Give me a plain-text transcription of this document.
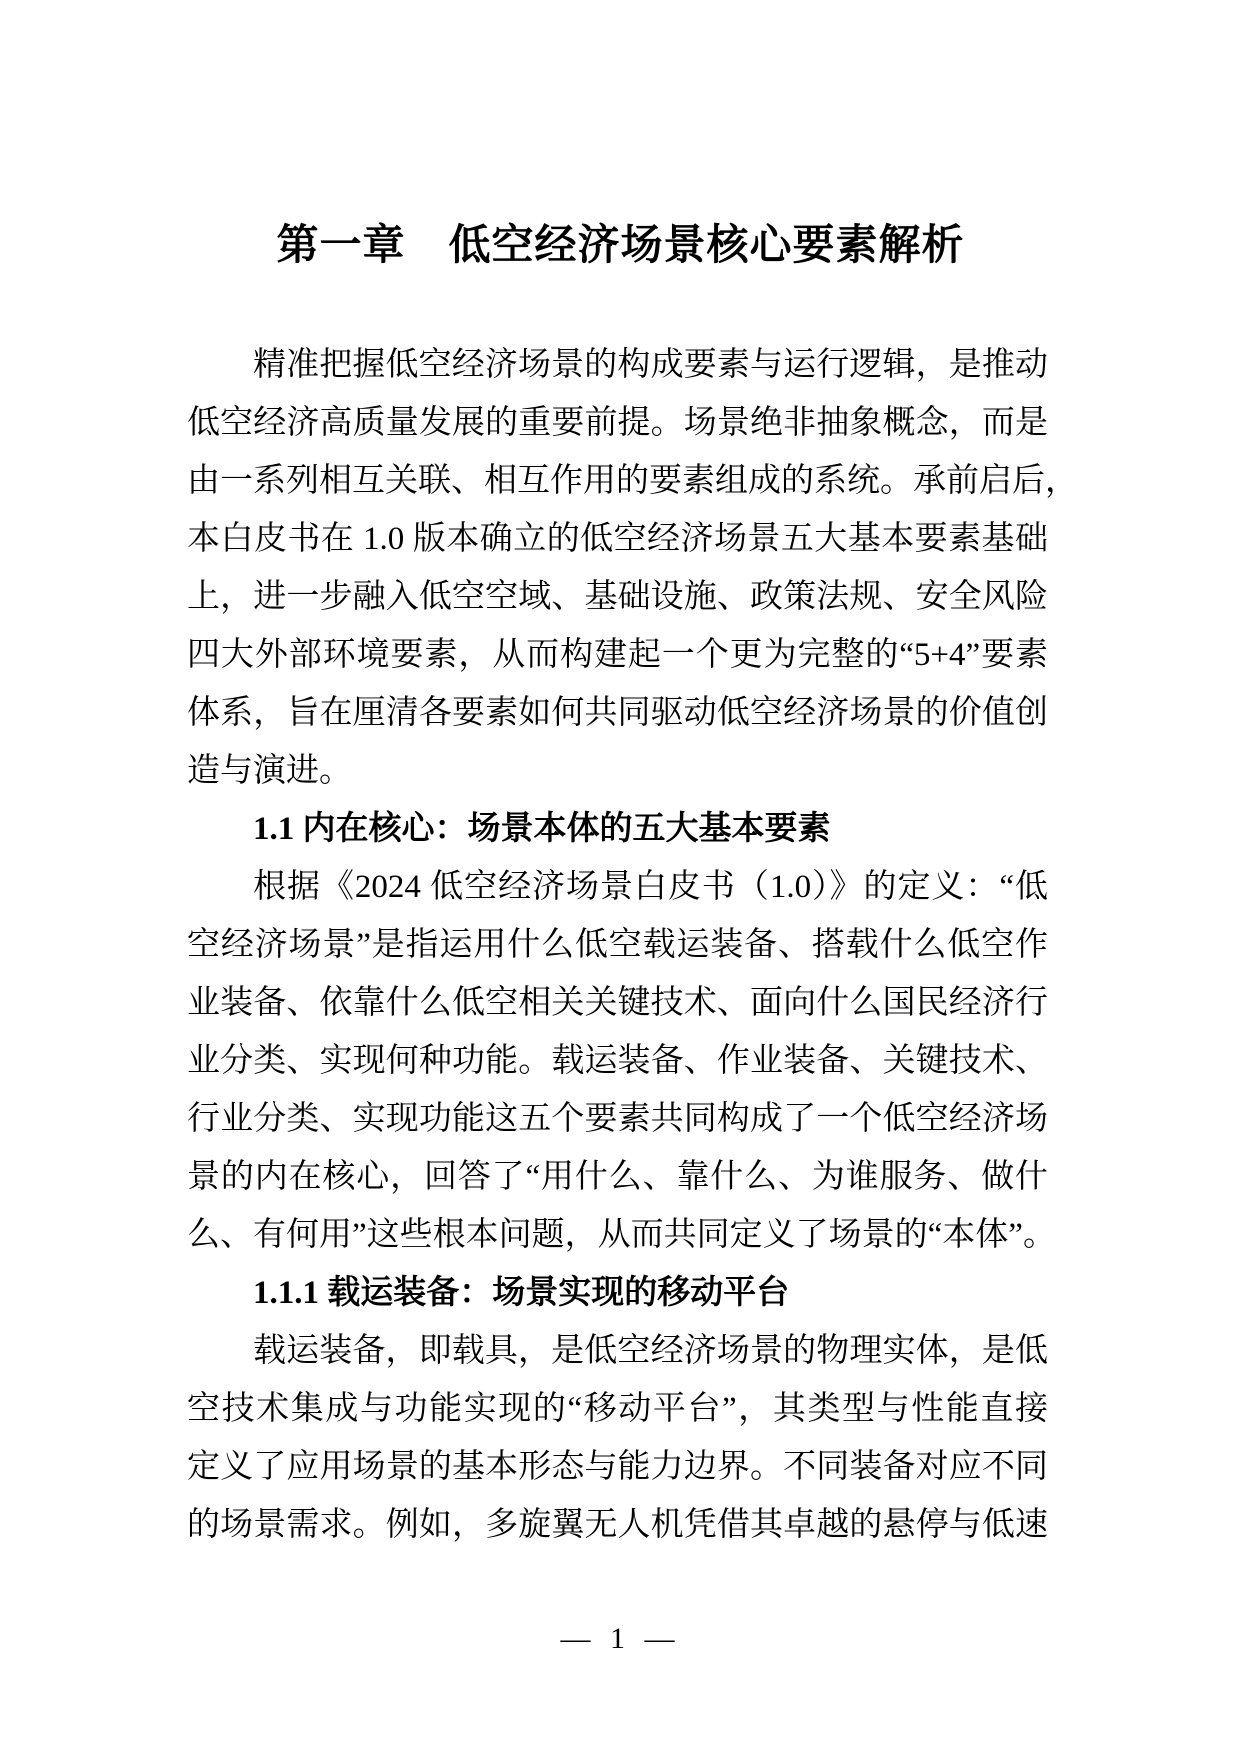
第一章　低空经济场景核心要素解析
精准把握低空经济场景的构成要素与运行逻辑，是推动
低空经济高质量发展的重要前提。场景绝非抽象概念，而是
由一系列相互关联、相互作用的要素组成的系统。承前启后，
本白皮书在 1.0 版本确立的低空经济场景五大基本要素基础
上，进一步融入低空空域、基础设施、政策法规、安全风险
四大外部环境要素，从而构建起一个更为完整的“5+4”要素
体系，旨在厘清各要素如何共同驱动低空经济场景的价值创
造与演进。
1.1 内在核心：场景本体的五大基本要素
根据《2024 低空经济场景白皮书（1.0）》的定义：“低
空经济场景”是指运用什么低空载运装备、搭载什么低空作
业装备、依靠什么低空相关关键技术、面向什么国民经济行
业分类、实现何种功能。载运装备、作业装备、关键技术、
行业分类、实现功能这五个要素共同构成了一个低空经济场
景的内在核心，回答了“用什么、靠什么、为谁服务、做什
么、有何用”这些根本问题，从而共同定义了场景的“本体”。
1.1.1 载运装备：场景实现的移动平台
载运装备，即载具，是低空经济场景的物理实体，是低
空技术集成与功能实现的“移动平台”，其类型与性能直接
定义了应用场景的基本形态与能力边界。不同装备对应不同
的场景需求。例如，多旋翼无人机凭借其卓越的悬停与低速
— 1 —
